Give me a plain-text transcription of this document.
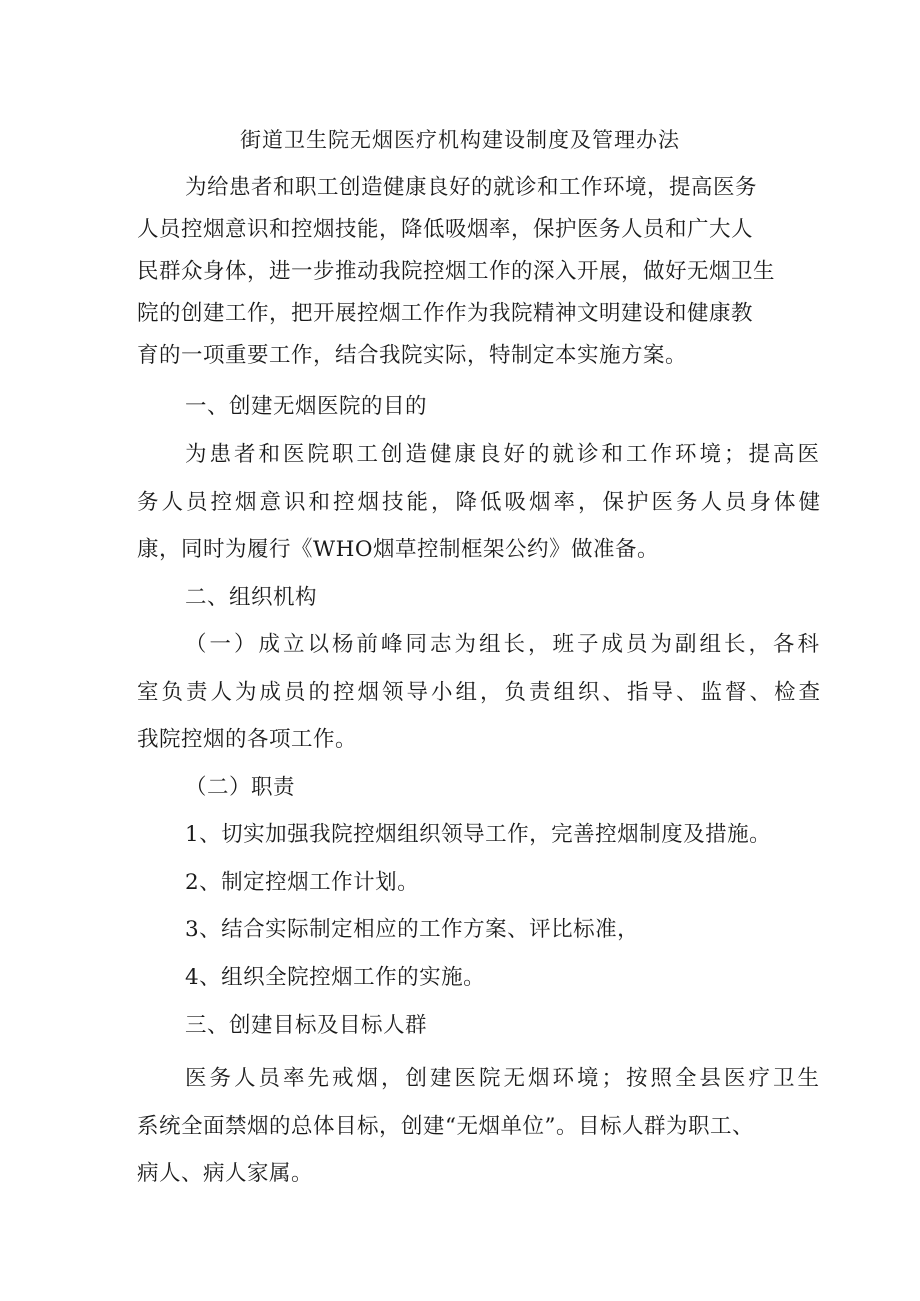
街道卫生院无烟医疗机构建设制度及管理办法
为给患者和职工创造健康良好的就诊和工作环境，提高医务
人员控烟意识和控烟技能，降低吸烟率，保护医务人员和广大人
民群众身体，进一步推动我院控烟工作的深入开展，做好无烟卫生
院的创建工作，把开展控烟工作作为我院精神文明建设和健康教
育的一项重要工作，结合我院实际，特制定本实施方案。
一、创建无烟医院的目的
为患者和医院职工创造健康良好的就诊和工作环境；提高医
务人员控烟意识和控烟技能，降低吸烟率，保护医务人员身体健
康，同时为履行《WHO烟草控制框架公约》做准备。
二、组织机构
（一）成立以杨前峰同志为组长，班子成员为副组长，各科
室负责人为成员的控烟领导小组，负责组织、指导、监督、检查
我院控烟的各项工作。
（二）职责
1、切实加强我院控烟组织领导工作，完善控烟制度及措施。
2、制定控烟工作计划。
3、结合实际制定相应的工作方案、评比标准，
4、组织全院控烟工作的实施。
三、创建目标及目标人群
医务人员率先戒烟，创建医院无烟环境；按照全县医疗卫生
系统全面禁烟的总体目标，创建“无烟单位”。目标人群为职工、
病人、病人家属。
